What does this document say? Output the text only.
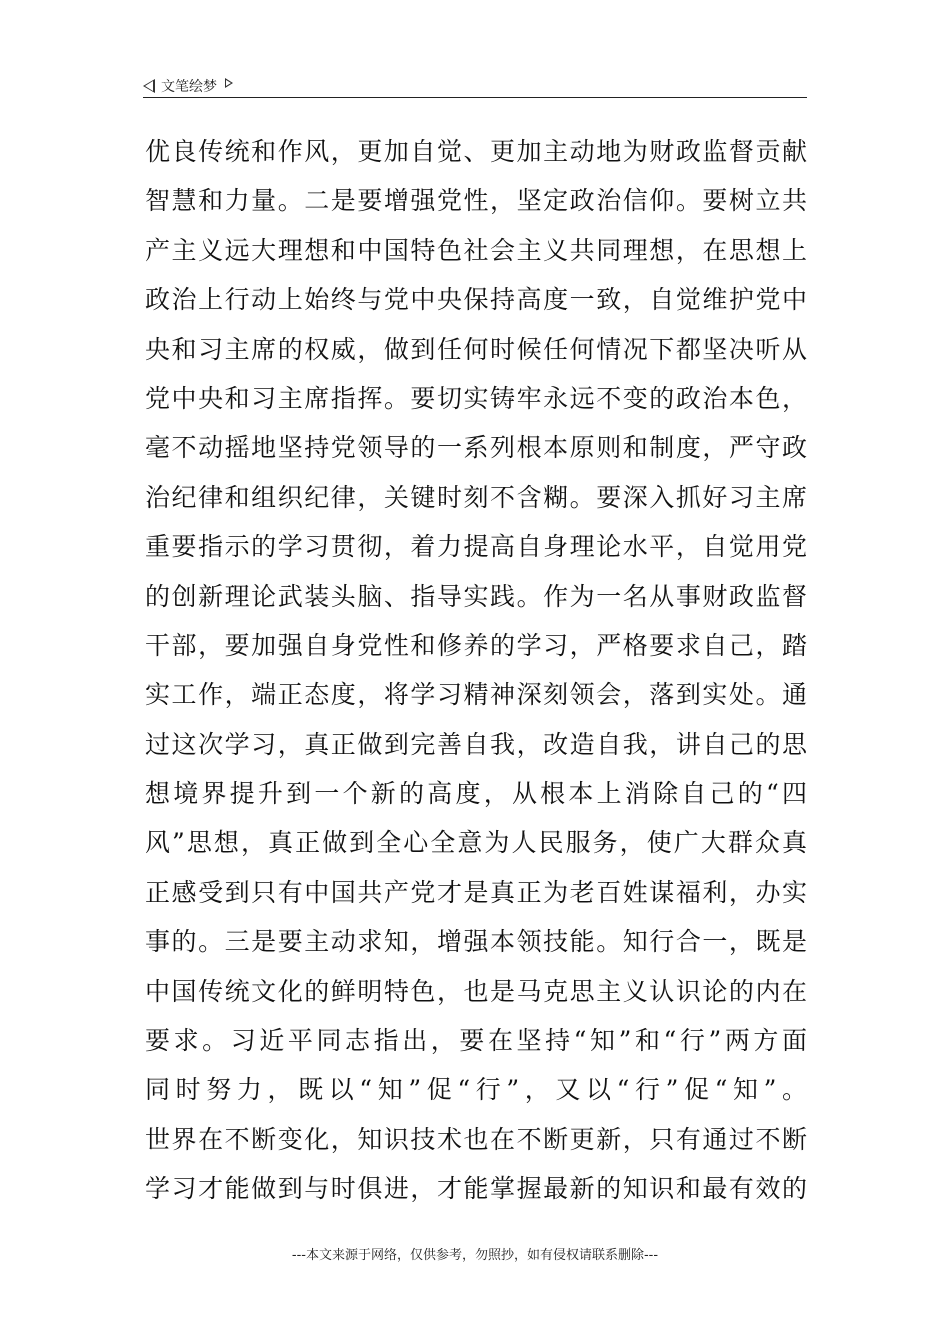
文笔绘梦
优良传统和作风，更加自觉、更加主动地为财政监督贡献
智慧和力量。二是要增强党性，坚定政治信仰。要树立共
产主义远大理想和中国特色社会主义共同理想，在思想上
政治上行动上始终与党中央保持高度一致，自觉维护党中
央和习主席的权威，做到任何时候任何情况下都坚决听从
党中央和习主席指挥。要切实铸牢永远不变的政治本色，
毫不动摇地坚持党领导的一系列根本原则和制度，严守政
治纪律和组织纪律，关键时刻不含糊。要深入抓好习主席
重要指示的学习贯彻，着力提高自身理论水平，自觉用党
的创新理论武装头脑、指导实践。作为一名从事财政监督
干部，要加强自身党性和修养的学习，严格要求自己，踏
实工作，端正态度，将学习精神深刻领会，落到实处。通
过这次学习，真正做到完善自我，改造自我，讲自己的思
想境界提升到一个新的高度，从根本上消除自己的“四
风”思想，真正做到全心全意为人民服务，使广大群众真
正感受到只有中国共产党才是真正为老百姓谋福利，办实
事的。三是要主动求知，增强本领技能。知行合一，既是
中国传统文化的鲜明特色，也是马克思主义认识论的内在
要求。习近平同志指出，要在坚持“知”和“行”两方面
同时努力，既以“知”促“行”，又以“行”促“知”。
世界在不断变化，知识技术也在不断更新，只有通过不断
学习才能做到与时俱进，才能掌握最新的知识和最有效的
---本文来源于网络，仅供参考，勿照抄，如有侵权请联系删除---
